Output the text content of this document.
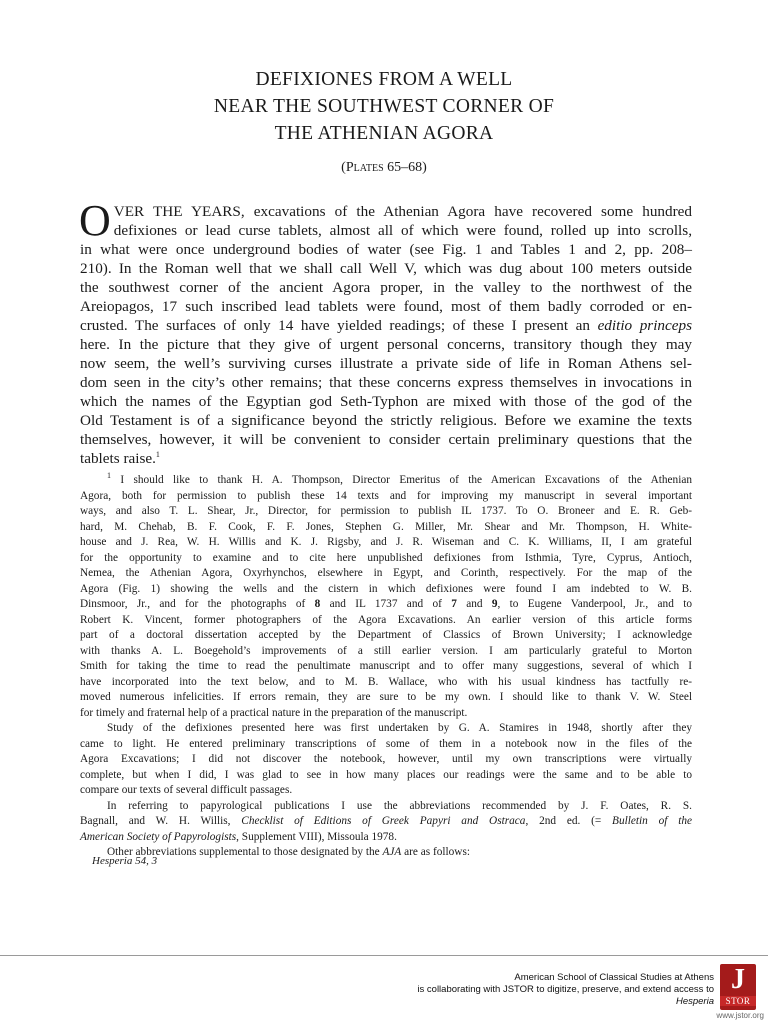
DEFIXIONES FROM A WELL
NEAR THE SOUTHWEST CORNER OF
THE ATHENIAN AGORA
(Plates 65–68)
O VER THE YEARS, excavations of the Athenian Agora have recovered some hundred
defixiones or lead curse tablets, almost all of which were found, rolled up into scrolls,
in what were once underground bodies of water (see Fig. 1 and Tables 1 and 2, pp. 208–
210). In the Roman well that we shall call Well V, which was dug about 100 meters outside
the southwest corner of the ancient Agora proper, in the valley to the northwest of the
Areiopagos, 17 such inscribed lead tablets were found, most of them badly corroded or en-
crusted. The surfaces of only 14 have yielded readings; of these I present an editio princeps
here. In the picture that they give of urgent personal concerns, transitory though they may
now seem, the well’s surviving curses illustrate a private side of life in Roman Athens sel-
dom seen in the city’s other remains; that these concerns express themselves in invocations in
which the names of the Egyptian god Seth-Typhon are mixed with those of the god of the
Old Testament is of a significance beyond the strictly religious. Before we examine the texts
themselves, however, it will be convenient to consider certain preliminary questions that the
tablets raise.$^1$
$^1$ I should like to thank H. A. Thompson, Director Emeritus of the American Excavations of the Athenian
Agora, both for permission to publish these 14 texts and for improving my manuscript in several important
ways, and also T. L. Shear, Jr., Director, for permission to publish IL 1737. To O. Broneer and E. R. Geb-
hard, M. Chehab, B. F. Cook, F. F. Jones, Stephen G. Miller, Mr. Shear and Mr. Thompson, H. White-
house and J. Rea, W. H. Willis and K. J. Rigsby, and J. R. Wiseman and C. K. Williams, II, I am grateful
for the opportunity to examine and to cite here unpublished defixiones from Isthmia, Tyre, Cyprus, Antioch,
Nemea, the Athenian Agora, Oxyrhynchos, elsewhere in Egypt, and Corinth, respectively. For the map of the
Agora (Fig. 1) showing the wells and the cistern in which defixiones were found I am indebted to W. B.
Dinsmoor, Jr., and for the photographs of 8 and IL 1737 and of 7 and 9, to Eugene Vanderpool, Jr., and to
Robert K. Vincent, former photographers of the Agora Excavations. An earlier version of this article forms
part of a doctoral dissertation accepted by the Department of Classics of Brown University; I acknowledge
with thanks A. L. Boegehold’s improvements of a still earlier version. I am particularly grateful to Morton
Smith for taking the time to read the penultimate manuscript and to offer many suggestions, several of which I
have incorporated into the text below, and to M. B. Wallace, who with his usual kindness has tactfully re-
moved numerous infelicities. If errors remain, they are sure to be my own. I should like to thank V. W. Steel
for timely and fraternal help of a practical nature in the preparation of the manuscript.
Study of the defixiones presented here was first undertaken by G. A. Stamires in 1948, shortly after they
came to light. He entered preliminary transcriptions of some of them in a notebook now in the files of the
Agora Excavations; I did not discover the notebook, however, until my own transcriptions were virtually
complete, but when I did, I was glad to see in how many places our readings were the same and to be able to
compare our texts of several difficult passages.
In referring to papyrological publications I use the abbreviations recommended by J. F. Oates, R. S.
Bagnall, and W. H. Willis, Checklist of Editions of Greek Papyri and Ostraca, 2nd ed. (= Bulletin of the
American Society of Papyrologists, Supplement VIII), Missoula 1978.
Other abbreviations supplemental to those designated by the AJA are as follows:
Hesperia 54, 3
American School of Classical Studies at Athens
is collaborating with JSTOR to digitize, preserve, and extend access to
Hesperia
J
STOR
www.jstor.org
